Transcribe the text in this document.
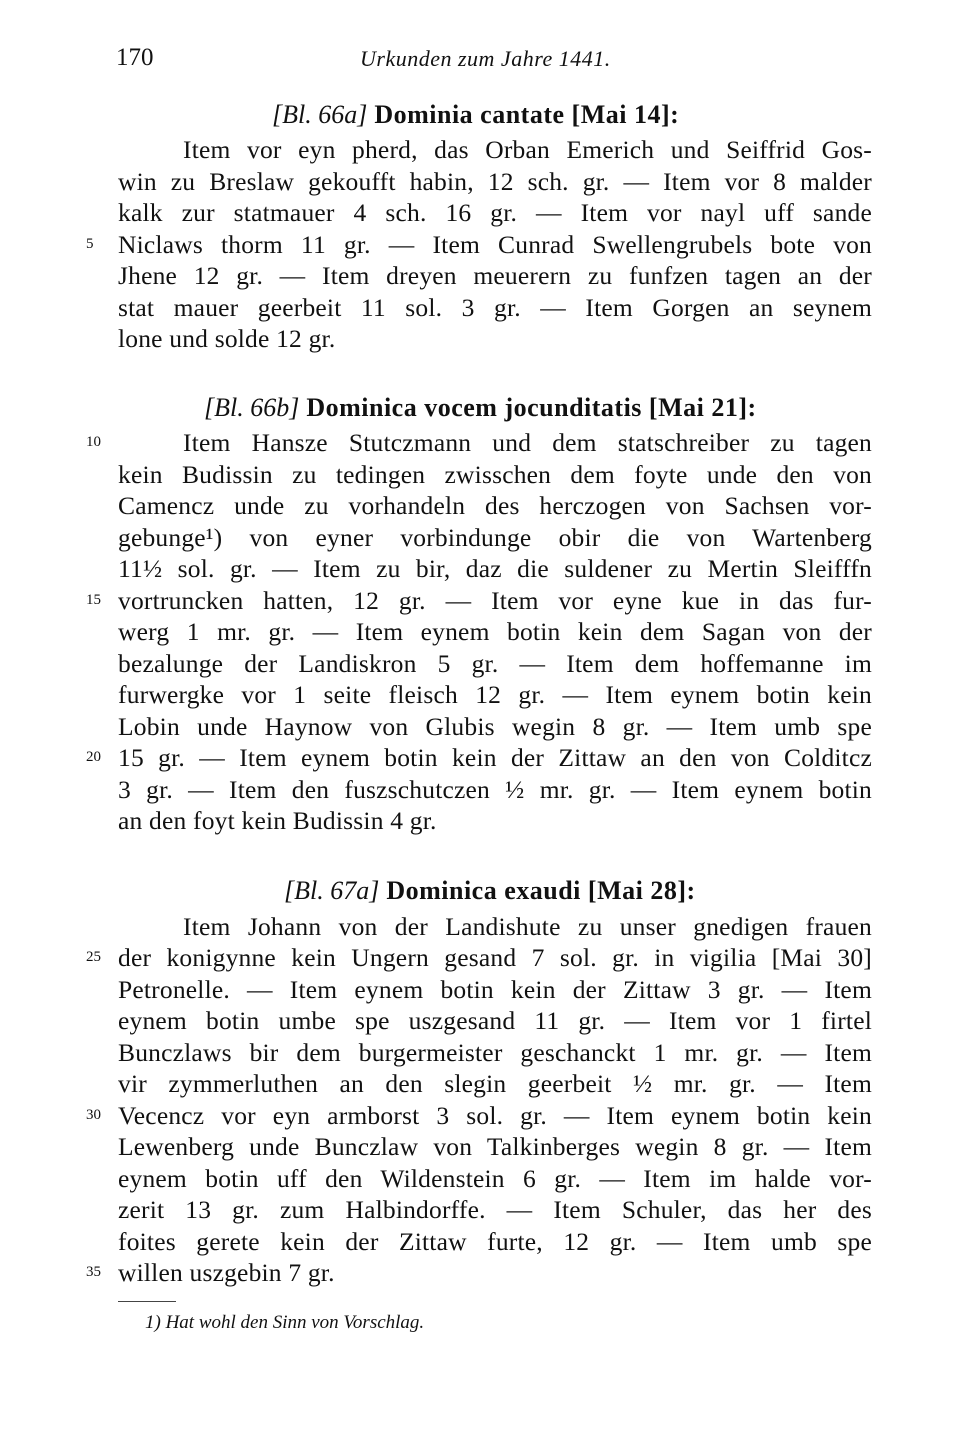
170	Urkunden zum Jahre 1441.
[Bl. 66a] Dominia cantate [Mai 14]:
Item vor eyn pherd, das Orban Emerich und Seiffrid Gos-
win zu Breslaw gekoufft habin, 12 sch. gr. — Item vor 8 malder
kalk zur statmauer 4 sch. 16 gr. — Item vor nayl uff sande
Niclaws thorm 11 gr. — Item Cunrad Swellengrubels bote von
Jhene 12 gr. — Item dreyen meuerern zu funfzen tagen an der
stat mauer geerbeit 11 sol. 3 gr. — Item Gorgen an seynem
lone und solde 12 gr.
[Bl. 66b] Dominica vocem jocunditatis [Mai 21]:
Item Hansze Stutczmann und dem statschreiber zu tagen
kein Budissin zu tedingen zwisschen dem foyte unde den von
Camencz unde zu vorhandeln des herczogen von Sachsen vor-
gebunge¹) von eyner vorbindunge obir die von Wartenberg
11½ sol. gr. — Item zu bir, daz die suldener zu Mertin Sleifffn
vortruncken hatten, 12 gr. — Item vor eyne kue in das fur-
werg 1 mr. gr. — Item eynem botin kein dem Sagan von der
bezalunge der Landiskron 5 gr. — Item dem hoffemanne im
furwergke vor 1 seite fleisch 12 gr. — Item eynem botin kein
Lobin unde Haynow von Glubis wegin 8 gr. — Item umb spe
15 gr. — Item eynem botin kein der Zittaw an den von Colditcz
3 gr. — Item den fuszschutczen ½ mr. gr. — Item eynem botin
an den foyt kein Budissin 4 gr.
[Bl. 67a] Dominica exaudi [Mai 28]:
Item Johann von der Landishute zu unser gnedigen frauen
der konigynne kein Ungern gesand 7 sol. gr. in vigilia [Mai 30]
Petronelle. — Item eynem botin kein der Zittaw 3 gr. — Item
eynem botin umbe spe uszgesand 11 gr. — Item vor 1 firtel
Bunczlaws bir dem burgermeister geschanckt 1 mr. gr. — Item
vir zymmerluthen an den slegin geerbeit ½ mr. gr. — Item
Vecencz vor eyn armborst 3 sol. gr. — Item eynem botin kein
Lewenberg unde Bunczlaw von Talkinberges wegin 8 gr. — Item
eynem botin uff den Wildenstein 6 gr. — Item im halde vor-
zerit 13 gr. zum Halbindorffe. — Item Schuler, das her des
foites gerete kein der Zittaw furte, 12 gr. — Item umb spe
willen uszgebin 7 gr.
5
10
15
20
25
30
35
1) Hat wohl den Sinn von Vorschlag.
